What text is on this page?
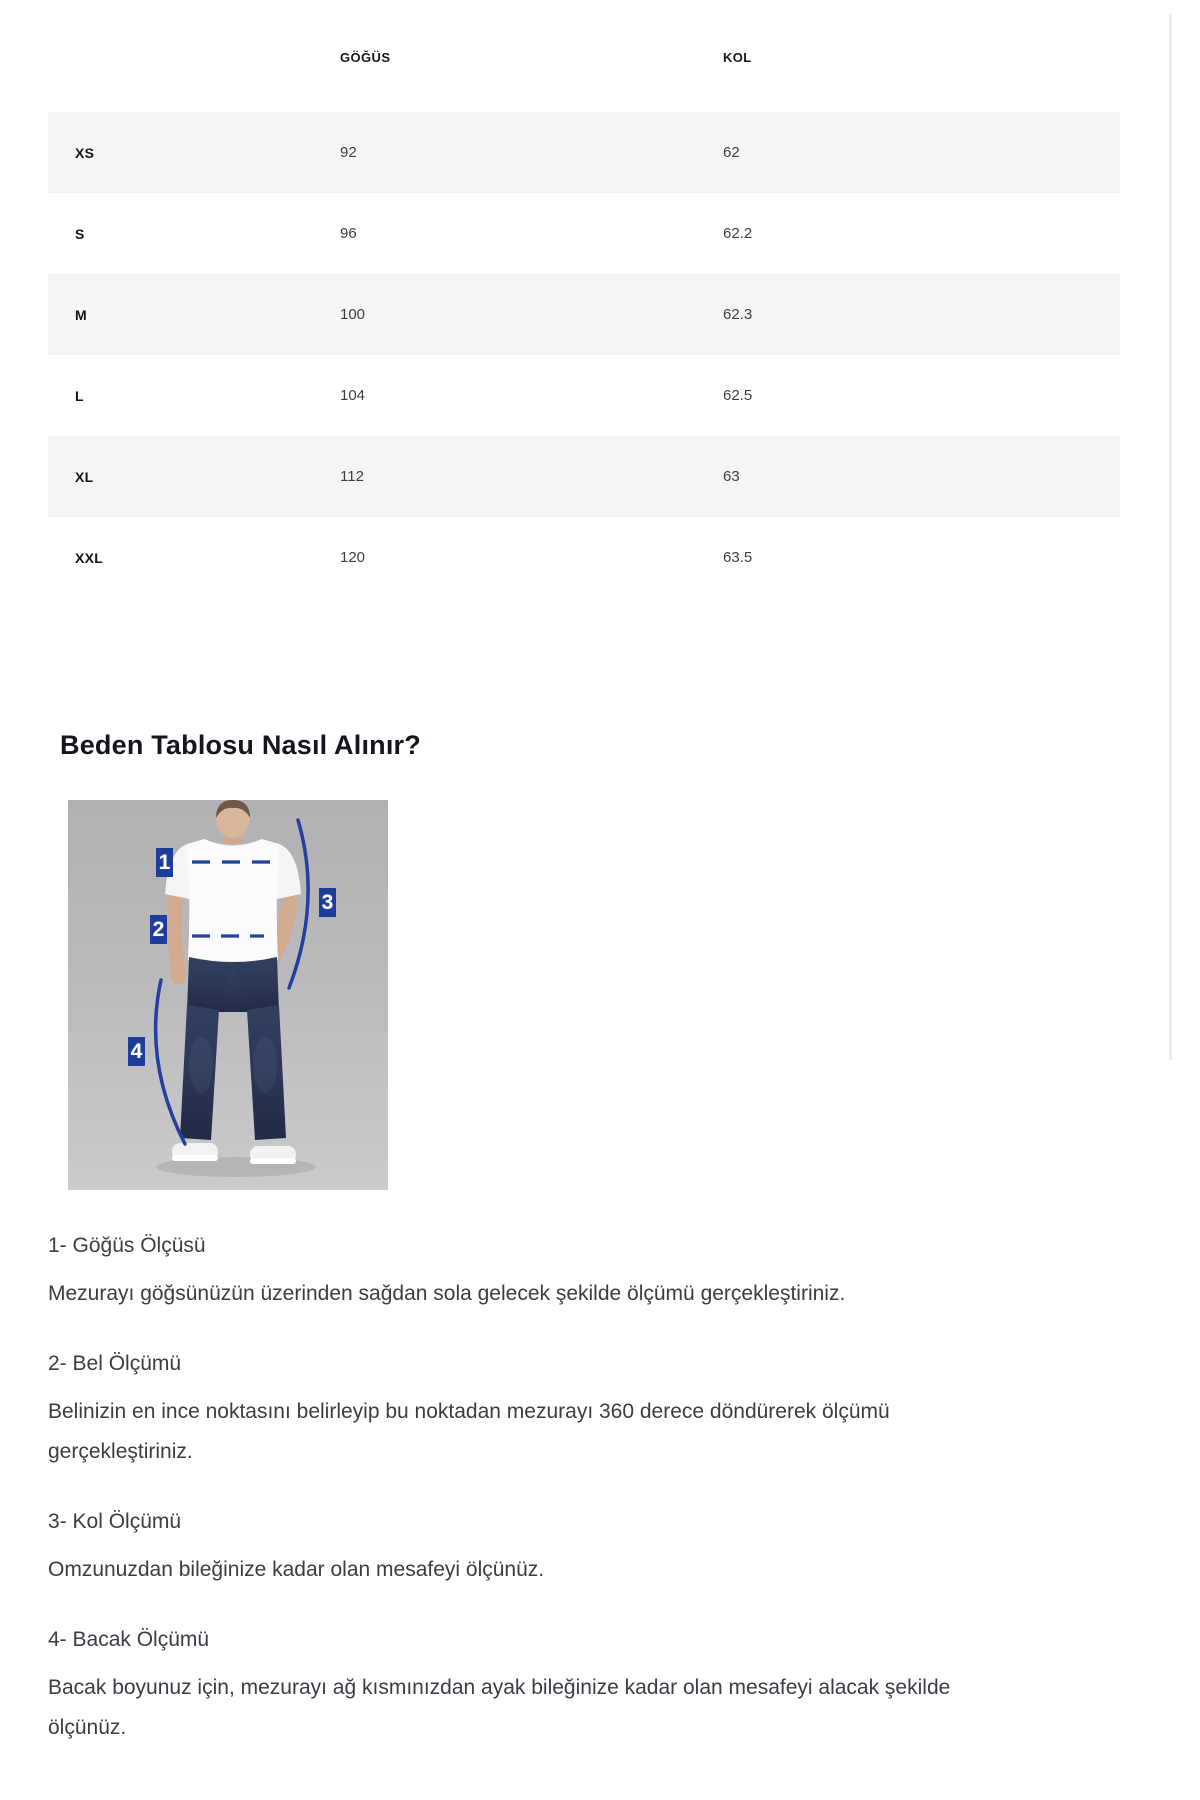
	GÖĞÜS	KOL
XS	92	62
S	96	62.2
M	100	62.3
L	104	62.5
XL	112	63
XXL	120	63.5
Beden Tablosu Nasıl Alınır?
1
2
3
4
1- Göğüs Ölçüsü
Mezurayı göğsünüzün üzerinden sağdan sola gelecek şekilde ölçümü gerçekleştiriniz.
2- Bel Ölçümü
Belinizin en ince noktasını belirleyip bu noktadan mezurayı 360 derece döndürerek ölçümü gerçekleştiriniz.
3- Kol Ölçümü
Omzunuzdan bileğinize kadar olan mesafeyi ölçünüz.
4- Bacak Ölçümü
Bacak boyunuz için, mezurayı ağ kısmınızdan ayak bileğinize kadar olan mesafeyi alacak şekilde ölçünüz.
